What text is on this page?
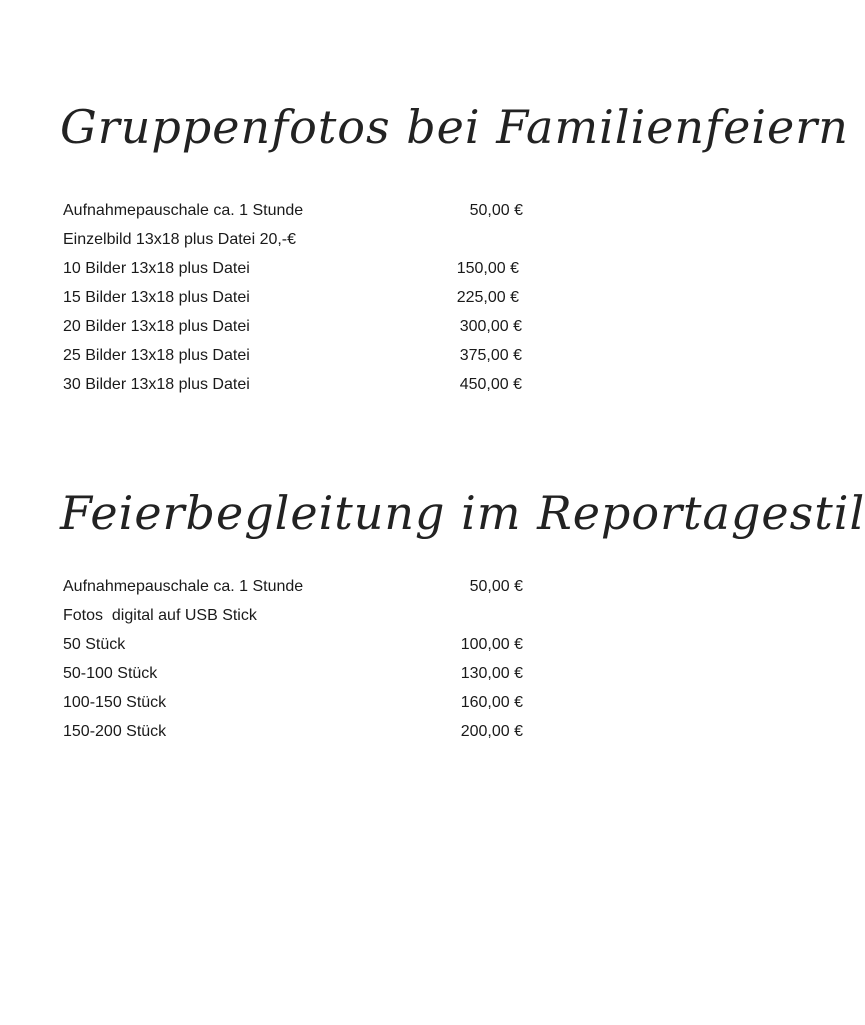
Gruppenfotos bei Familienfeiern
Aufnahmepauschale ca. 1 Stunde	50,00 €
Einzelbild 13x18 plus Datei 20,-€
10 Bilder 13x18 plus Datei	150,00 €
15 Bilder 13x18 plus Datei	225,00 €
20 Bilder 13x18 plus Datei	300,00 €
25 Bilder 13x18 plus Datei	375,00 €
30 Bilder 13x18 plus Datei	450,00 €
Feierbegleitung im Reportagestil
Aufnahmepauschale ca. 1 Stunde	50,00 €
Fotos  digital auf USB Stick
50 Stück	100,00 €
50-100 Stück	130,00 €
100-150 Stück	160,00 €
150-200 Stück	200,00 €
